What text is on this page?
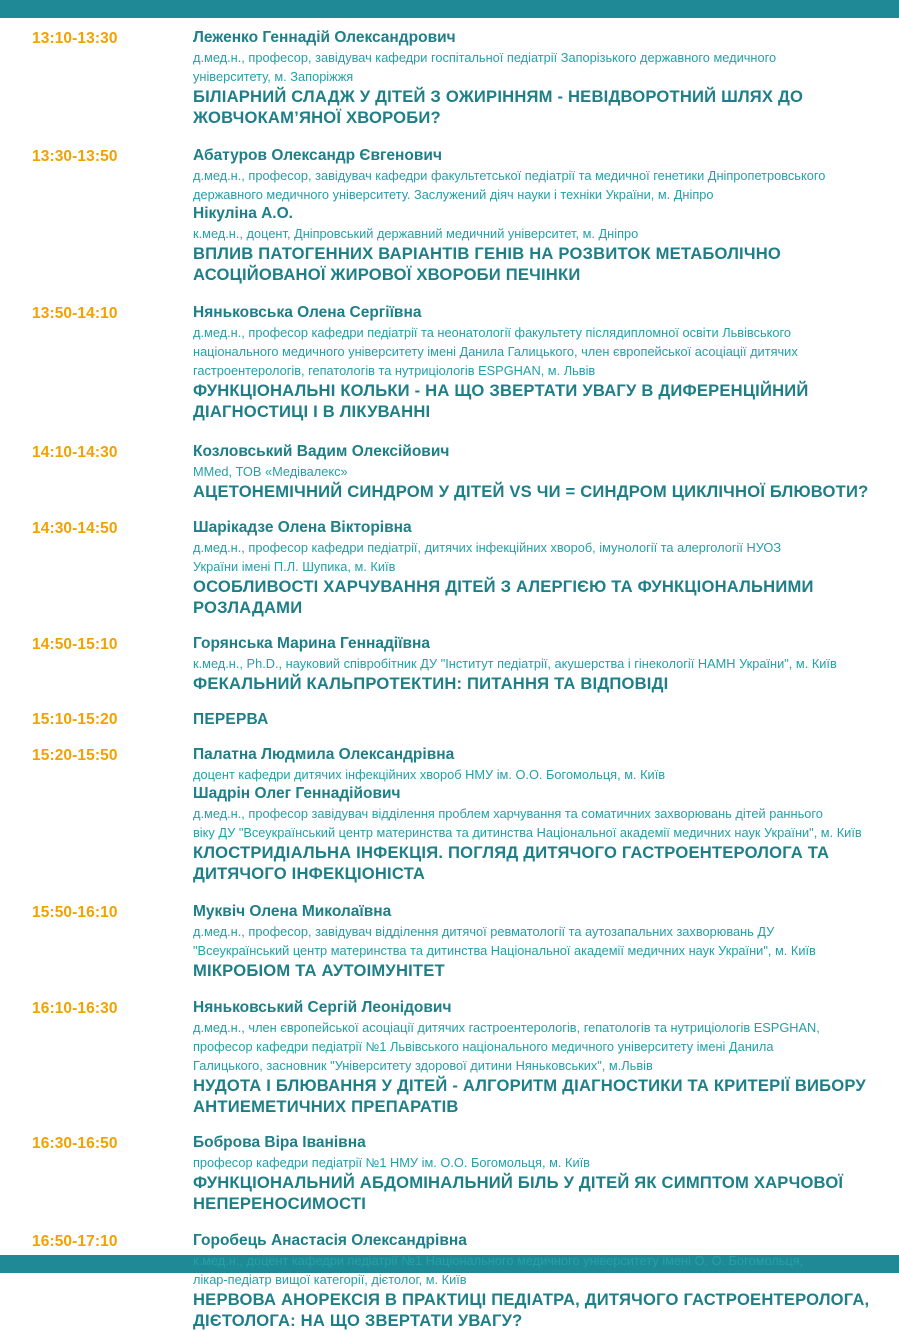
13:10-13:30	Леженко Геннадій Олександрович
д.мед.н., професор, завідувач кафедри госпітальної педіатрії Запорізького державного медичного
університету, м. Запоріжжя
БІЛІАРНИЙ СЛАДЖ У ДІТЕЙ З ОЖИРІННЯМ - НЕВІДВОРОТНИЙ ШЛЯХ ДО
ЖОВЧОКАМ’ЯНОЇ ХВОРОБИ?
13:30-13:50	Абатуров Олександр Євгенович
д.мед.н., професор, завідувач кафедри факультетської педіатрії та медичної генетики Дніпропетровського
державного медичного університету. Заслужений діяч науки і техніки України, м. Дніпро
Нікуліна А.О.
к.мед.н., доцент, Дніпровський державний медичний університет, м. Дніпро
ВПЛИВ ПАТОГЕННИХ ВАРІАНТІВ ГЕНІВ НА РОЗВИТОК МЕТАБОЛІЧНО
АСОЦІЙОВАНОЇ ЖИРОВОЇ ХВОРОБИ ПЕЧІНКИ
13:50-14:10	Няньковська Олена Сергіївна
д.мед.н., професор кафедри педіатрії та неонатології факультету післядипломної освіти Львівського
національного медичного університету імені Данила Галицького, член європейської асоціації дитячих
гастроентерологів, гепатологів та нутриціологів ESPGHAN, м. Львів
ФУНКЦІОНАЛЬНІ КОЛЬКИ - НА ЩО ЗВЕРТАТИ УВАГУ В ДИФЕРЕНЦІЙНИЙ
ДІАГНОСТИЦІ І В ЛІКУВАННІ
14:10-14:30	Козловський Вадим Олексійович
MMed, ТОВ «Медівалекс»
АЦЕТОНЕМІЧНИЙ СИНДРОМ У ДІТЕЙ VS ЧИ = СИНДРОМ ЦИКЛІЧНОЇ БЛЮВОТИ?
14:30-14:50	Шарікадзе Олена Вікторівна
д.мед.н., професор кафедри педіатрії, дитячих інфекційних хвороб, імунології та алергології НУОЗ
України імені П.Л. Шупика, м. Київ
ОСОБЛИВОСТІ ХАРЧУВАННЯ ДІТЕЙ З АЛЕРГІЄЮ ТА ФУНКЦІОНАЛЬНИМИ
РОЗЛАДАМИ
14:50-15:10	Горянська Марина Геннадіївна
к.мед.н., Ph.D., науковий співробітник ДУ "Інститут педіатрії, акушерства і гінекології НАМН України", м. Київ
ФЕКАЛЬНИЙ КАЛЬПРОТЕКТИН: ПИТАННЯ ТА ВІДПОВІДІ
15:10-15:20	ПЕРЕРВА
15:20-15:50	Палатна Людмила Олександрівна
доцент кафедри дитячих інфекційних хвороб НМУ ім. О.О. Богомольця, м. Київ
Шадрін Олег Геннадійович
д.мед.н., професор завідувач відділення проблем харчування та соматичних захворювань дітей раннього
віку ДУ "Всеукраїнський центр материнства та дитинства Національної академії медичних наук України", м. Київ
КЛОСТРИДІАЛЬНА ІНФЕКЦІЯ. ПОГЛЯД ДИТЯЧОГО ГАСТРОЕНТЕРОЛОГА ТА
ДИТЯЧОГО ІНФЕКЦІОНІСТА
15:50-16:10	Муквіч Олена Миколаївна
д.мед.н., професор, завідувач відділення дитячої ревматології та аутозапальних захворювань ДУ
"Всеукраїнський центр материнства та дитинства Національної академії медичних наук України", м. Київ
МІКРОБІОМ ТА АУТОІМУНІТЕТ
16:10-16:30	Няньковський Сергій Леонідович
д.мед.н., член європейської асоціації дитячих гастроентерологів, гепатологів та нутриціологів ESPGHAN,
професор кафедри педіатрії №1 Львівського національного медичного університету імені Данила
Галицького, засновник "Університету здорової дитини Няньковських", м.Львів
НУДОТА І БЛЮВАННЯ У ДІТЕЙ - АЛГОРИТМ ДІАГНОСТИКИ ТА КРИТЕРІЇ ВИБОРУ
АНТИЕМЕТИЧНИХ ПРЕПАРАТІВ
16:30-16:50	Боброва Віра Іванівна
професор кафедри педіатрії №1 НМУ ім. О.О. Богомольця, м. Київ
ФУНКЦІОНАЛЬНИЙ АБДОМІНАЛЬНИЙ БІЛЬ У ДІТЕЙ ЯК СИМПТОМ ХАРЧОВОЇ
НЕПЕРЕНОСИМОСТІ
16:50-17:10	Горобець Анастасія Олександрівна
к.мед.н., доцент кафедри педіатрії №1 Національного медичного університету імені О. О. Богомольця,
лікар-педіатр вищої категорії, дієтолог, м. Київ
НЕРВОВА АНОРЕКСІЯ В ПРАКТИЦІ ПЕДІАТРА, ДИТЯЧОГО ГАСТРОЕНТЕРОЛОГА,
ДІЄТОЛОГА: НА ЩО ЗВЕРТАТИ УВАГУ?
